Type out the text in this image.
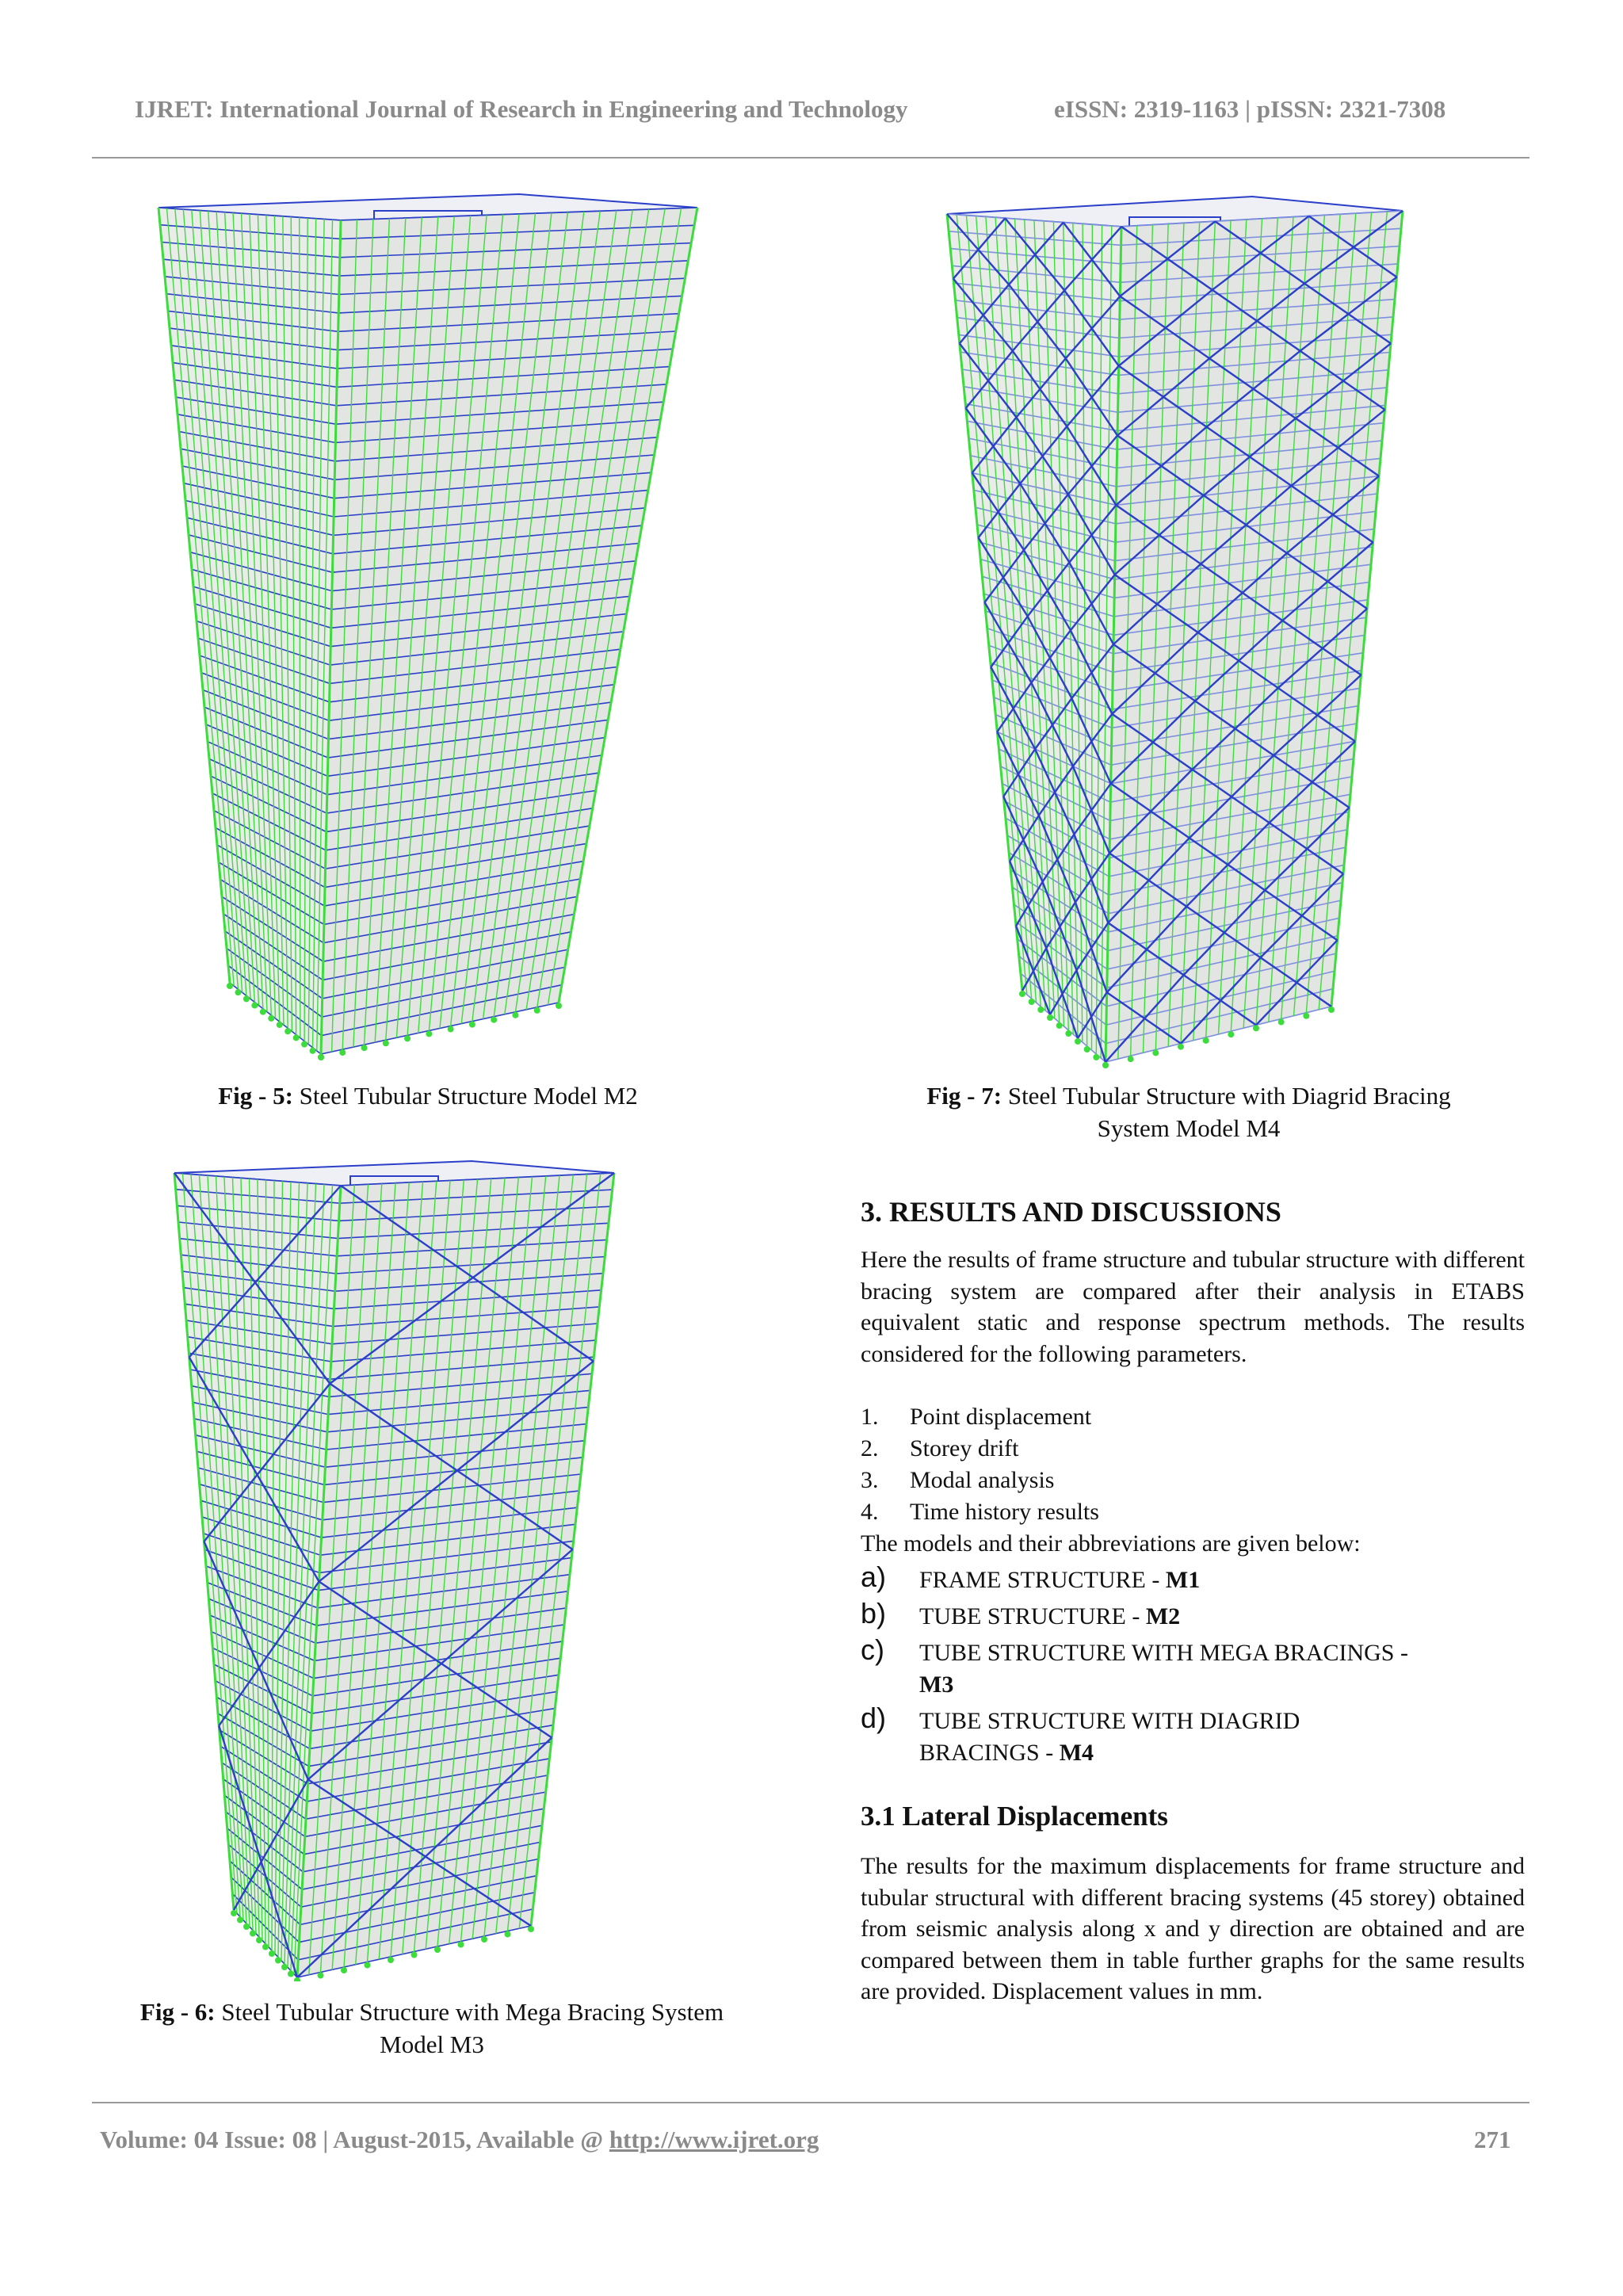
IJRET: International Journal of Research in Engineering and Technology	eISSN: 2319-1163 | pISSN: 2321-7308
Fig - 5: Steel Tubular Structure Model M2	Fig - 7: Steel Tubular Structure with Diagrid Bracing
System Model M4
Fig - 6: Steel Tubular Structure with Mega Bracing System
Model M3
3. RESULTS AND DISCUSSIONS
Here the results of frame structure and tubular structure with different bracing system are compared after their analysis in ETABS equivalent static and response spectrum methods. The results considered for the following parameters.
1. Point displacement
2. Storey drift
3. Modal analysis
4. Time history results
The models and their abbreviations are given below:
a) FRAME STRUCTURE - M1
b) TUBE STRUCTURE - M2
c) TUBE STRUCTURE WITH MEGA BRACINGS - M3
d) TUBE STRUCTURE WITH DIAGRID BRACINGS - M4
3.1 Lateral Displacements
The results for the maximum displacements for frame structure and tubular structural with different bracing systems (45 storey) obtained from seismic analysis along x and y direction are obtained and are compared between them in table further graphs for the same results are provided. Displacement values in mm.
Volume: 04 Issue: 08 | August-2015, Available @ http://www.ijret.org	271
